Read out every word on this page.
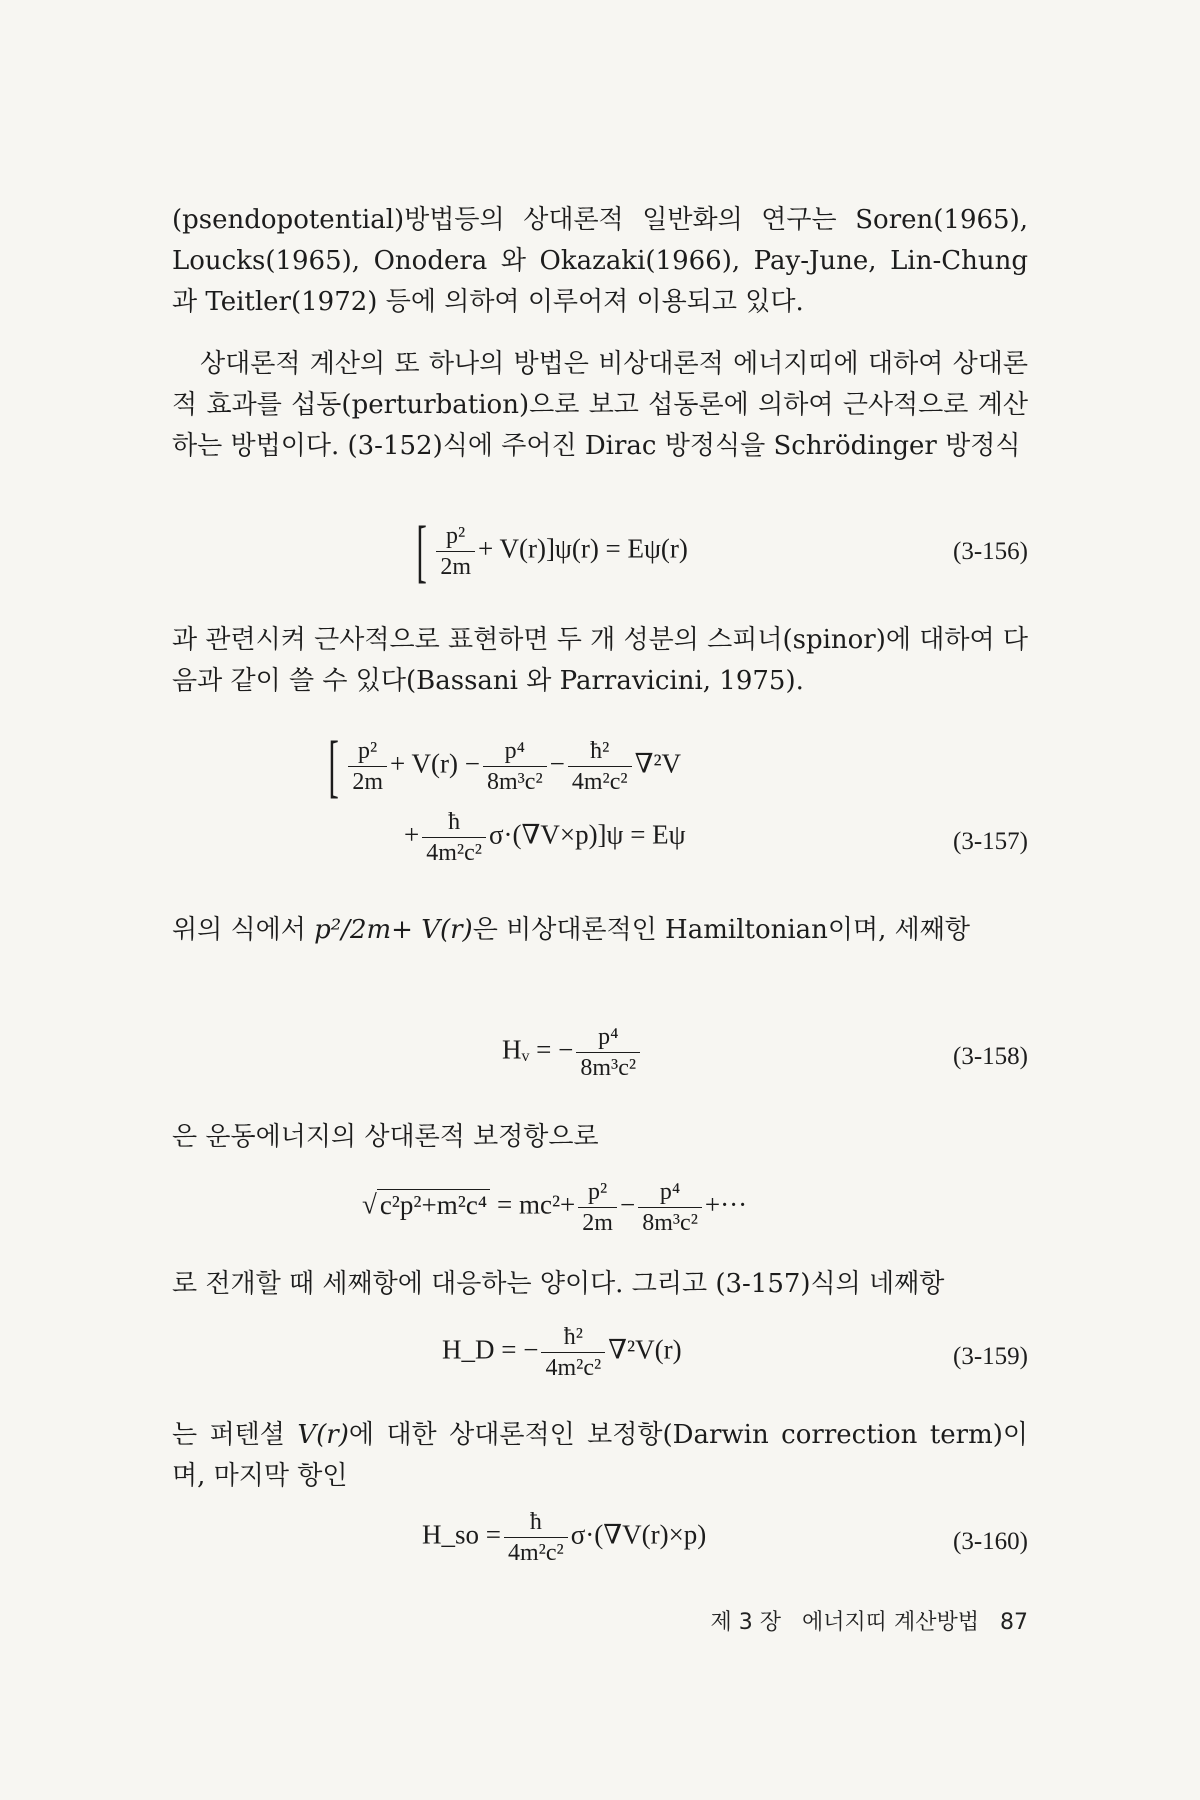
(psendopotential)방법등의 상대론적 일반화의 연구는 Soren(1965), Loucks(1965), Onodera 와 Okazaki(1966), Pay-June, Lin-Chung 과 Teitler(1972) 등에 의하여 이루어져 이용되고 있다.

상대론적 계산의 또 하나의 방법은 비상대론적 에너지띠에 대하여 상대론적 효과를 섭동(perturbation)으로 보고 섭동론에 의하여 근사적으로 계산하는 방법이다. (3-152)식에 주어진 Dirac 방정식을 Schrödinger 방정식

[ $\frac{\text{p²}}{2m} + V(r)]\psi(r) = E\psi(r)$	(3-156)

과 관련시켜 근사적으로 표현하면 두 개 성분의 스피너(spinor)에 대하여 다음과 같이 쓸 수 있다(Bassani 와 Parravicini, 1975).

[ $\frac{\text{p²}}{2m} + V(r) - \frac{\text{p⁴}}{\text{8m³c²}} - \frac{\text{ħ²}}{\text{4m²c²}} \nabla^2V$
+ $\frac{ħ}{\text{4m²c²}} \sigma\cdot(\nabla V\times p)]\psi = E\psi$	(3-157)

위의 식에서 p²/2m+ V(r)은 비상대론적인 Hamiltonian이며, 세째항

Hᵥ = − $\frac{\text{p⁴}}{\text{8m³c²}}$	(3-158)

은 운동에너지의 상대론적 보정항으로

√ $c^2p^2+m^2c^4 = mc^2+ \frac{\text{p²}}{2m} - \frac{\text{p⁴}}{\text{8m³c²}}$ +···

로 전개할 때 세째항에 대응하는 양이다. 그리고 (3-157)식의 네째항

H_D = − $\frac{\text{ħ²}}{\text{4m²c²}} \nabla^2V(r)$	(3-159)

는 퍼텐셜 V(r)에 대한 상대론적인 보정항(Darwin correction term)이며, 마지막 항인

H_so = $\frac{ħ}{\text{4m²c²}} \sigma\cdot(\nabla V(r)\times p)$	(3-160)
제 3 장 에너지띠 계산방법 87
